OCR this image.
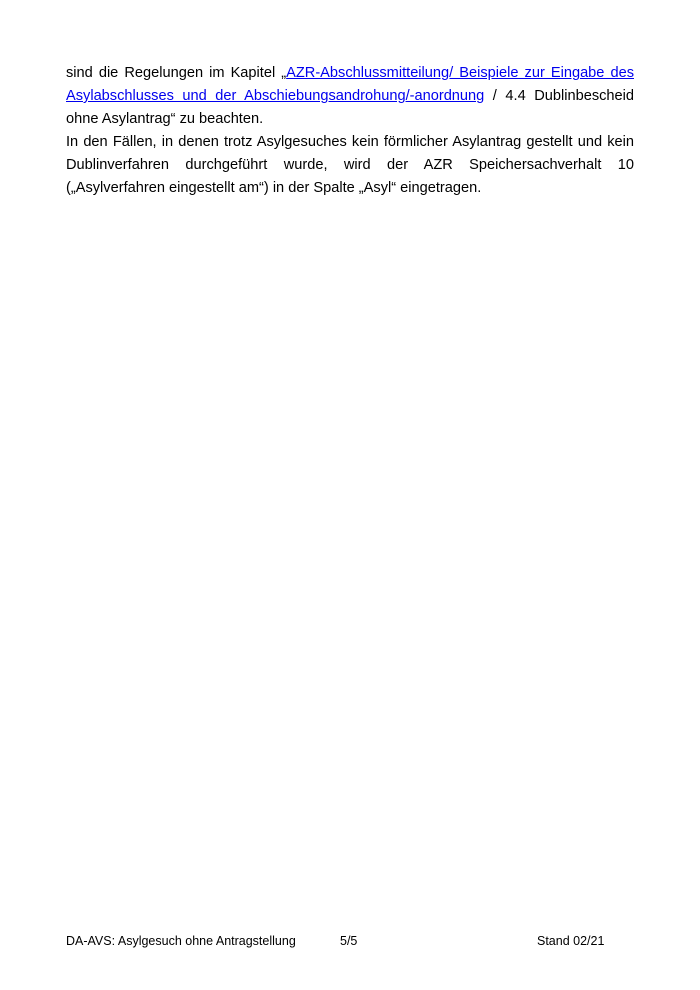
sind die Regelungen im Kapitel „AZR-Abschlussmitteilung/ Beispiele zur Eingabe des Asylabschlusses und der Abschiebungsandrohung/-anordnung / 4.4 Dublinbescheid ohne Asylantrag“ zu beachten.

In den Fällen, in denen trotz Asylgesuches kein förmlicher Asylantrag gestellt und kein Dublinverfahren durchgeführt wurde, wird der AZR Speichersachverhalt 10 („Asylverfahren eingestellt am“) in der Spalte „Asyl“ eingetragen.

DA-AVS: Asylgesuch ohne Antragstellung	5/5	Stand 02/21
